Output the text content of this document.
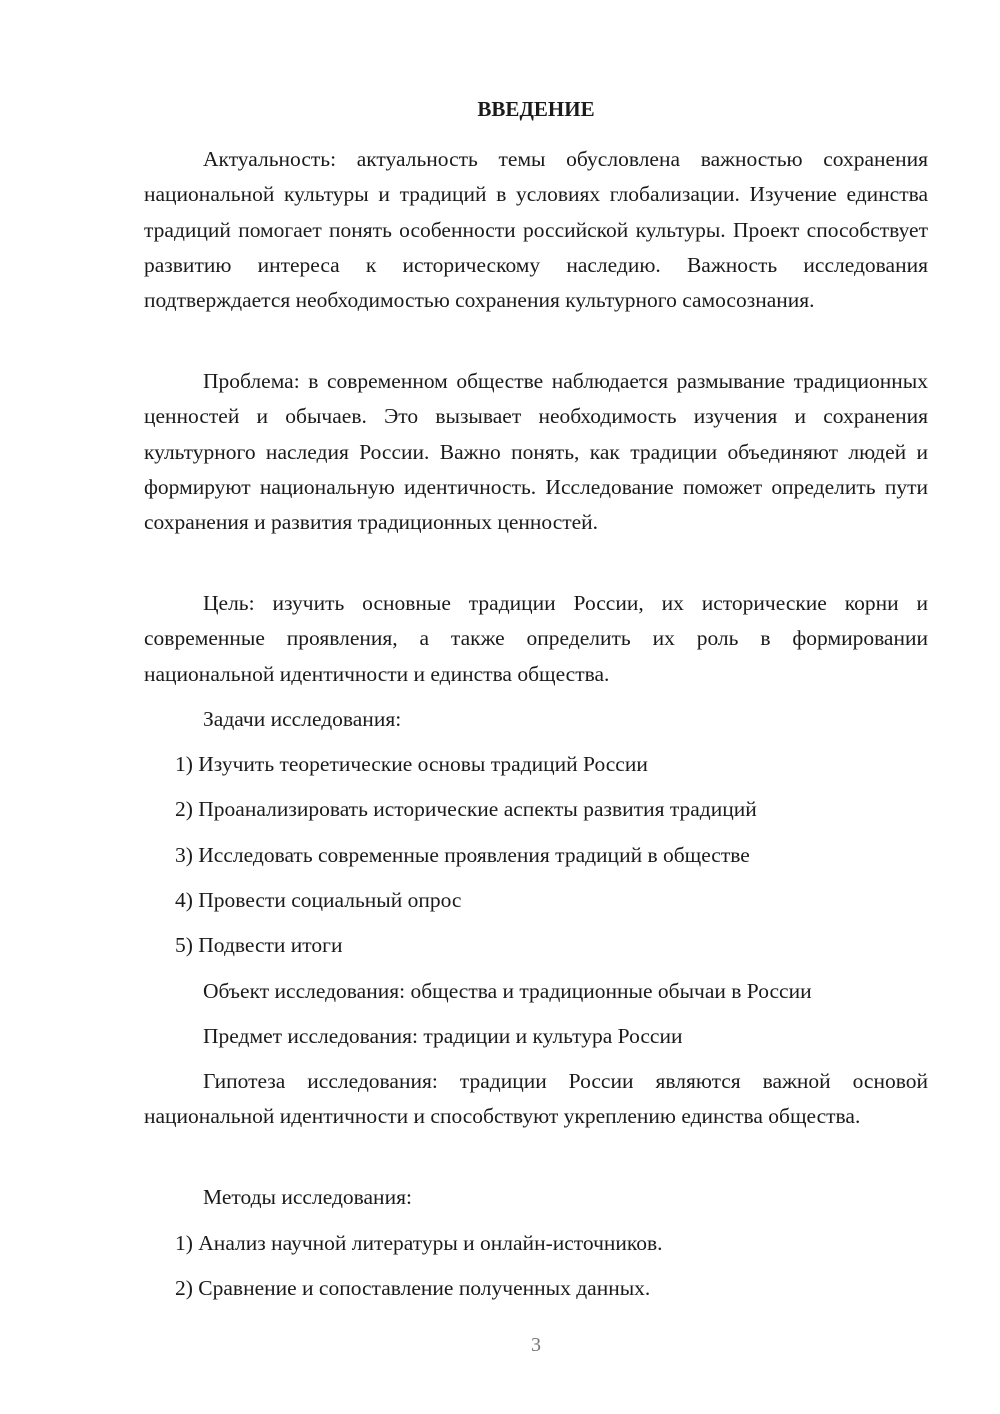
ВВЕДЕНИЕ

Актуальность: актуальность темы обусловлена важностью сохранения национальной культуры и традиций в условиях глобализации. Изучение единства традиций помогает понять особенности российской культуры. Проект способствует развитию интереса к историческому наследию. Важность исследования подтверждается необходимостью сохранения культурного самосознания.

Проблема: в современном обществе наблюдается размывание традиционных ценностей и обычаев. Это вызывает необходимость изучения и сохранения культурного наследия России. Важно понять, как традиции объединяют людей и формируют национальную идентичность. Исследование поможет определить пути сохранения и развития традиционных ценностей.

Цель: изучить основные традиции России, их исторические корни и современные проявления, а также определить их роль в формировании национальной идентичности и единства общества.

Задачи исследования:
1) Изучить теоретические основы традиций России
2) Проанализировать исторические аспекты развития традиций
3) Исследовать современные проявления традиций в обществе
4) Провести социальный опрос
5) Подвести итоги
Объект исследования: общества и традиционные обычаи в России
Предмет исследования: традиции и культура России

Гипотеза исследования: традиции России являются важной основой национальной идентичности и способствуют укреплению единства общества.

Методы исследования:
1) Анализ научной литературы и онлайн-источников.
2) Сравнение и сопоставление полученных данных.
3
